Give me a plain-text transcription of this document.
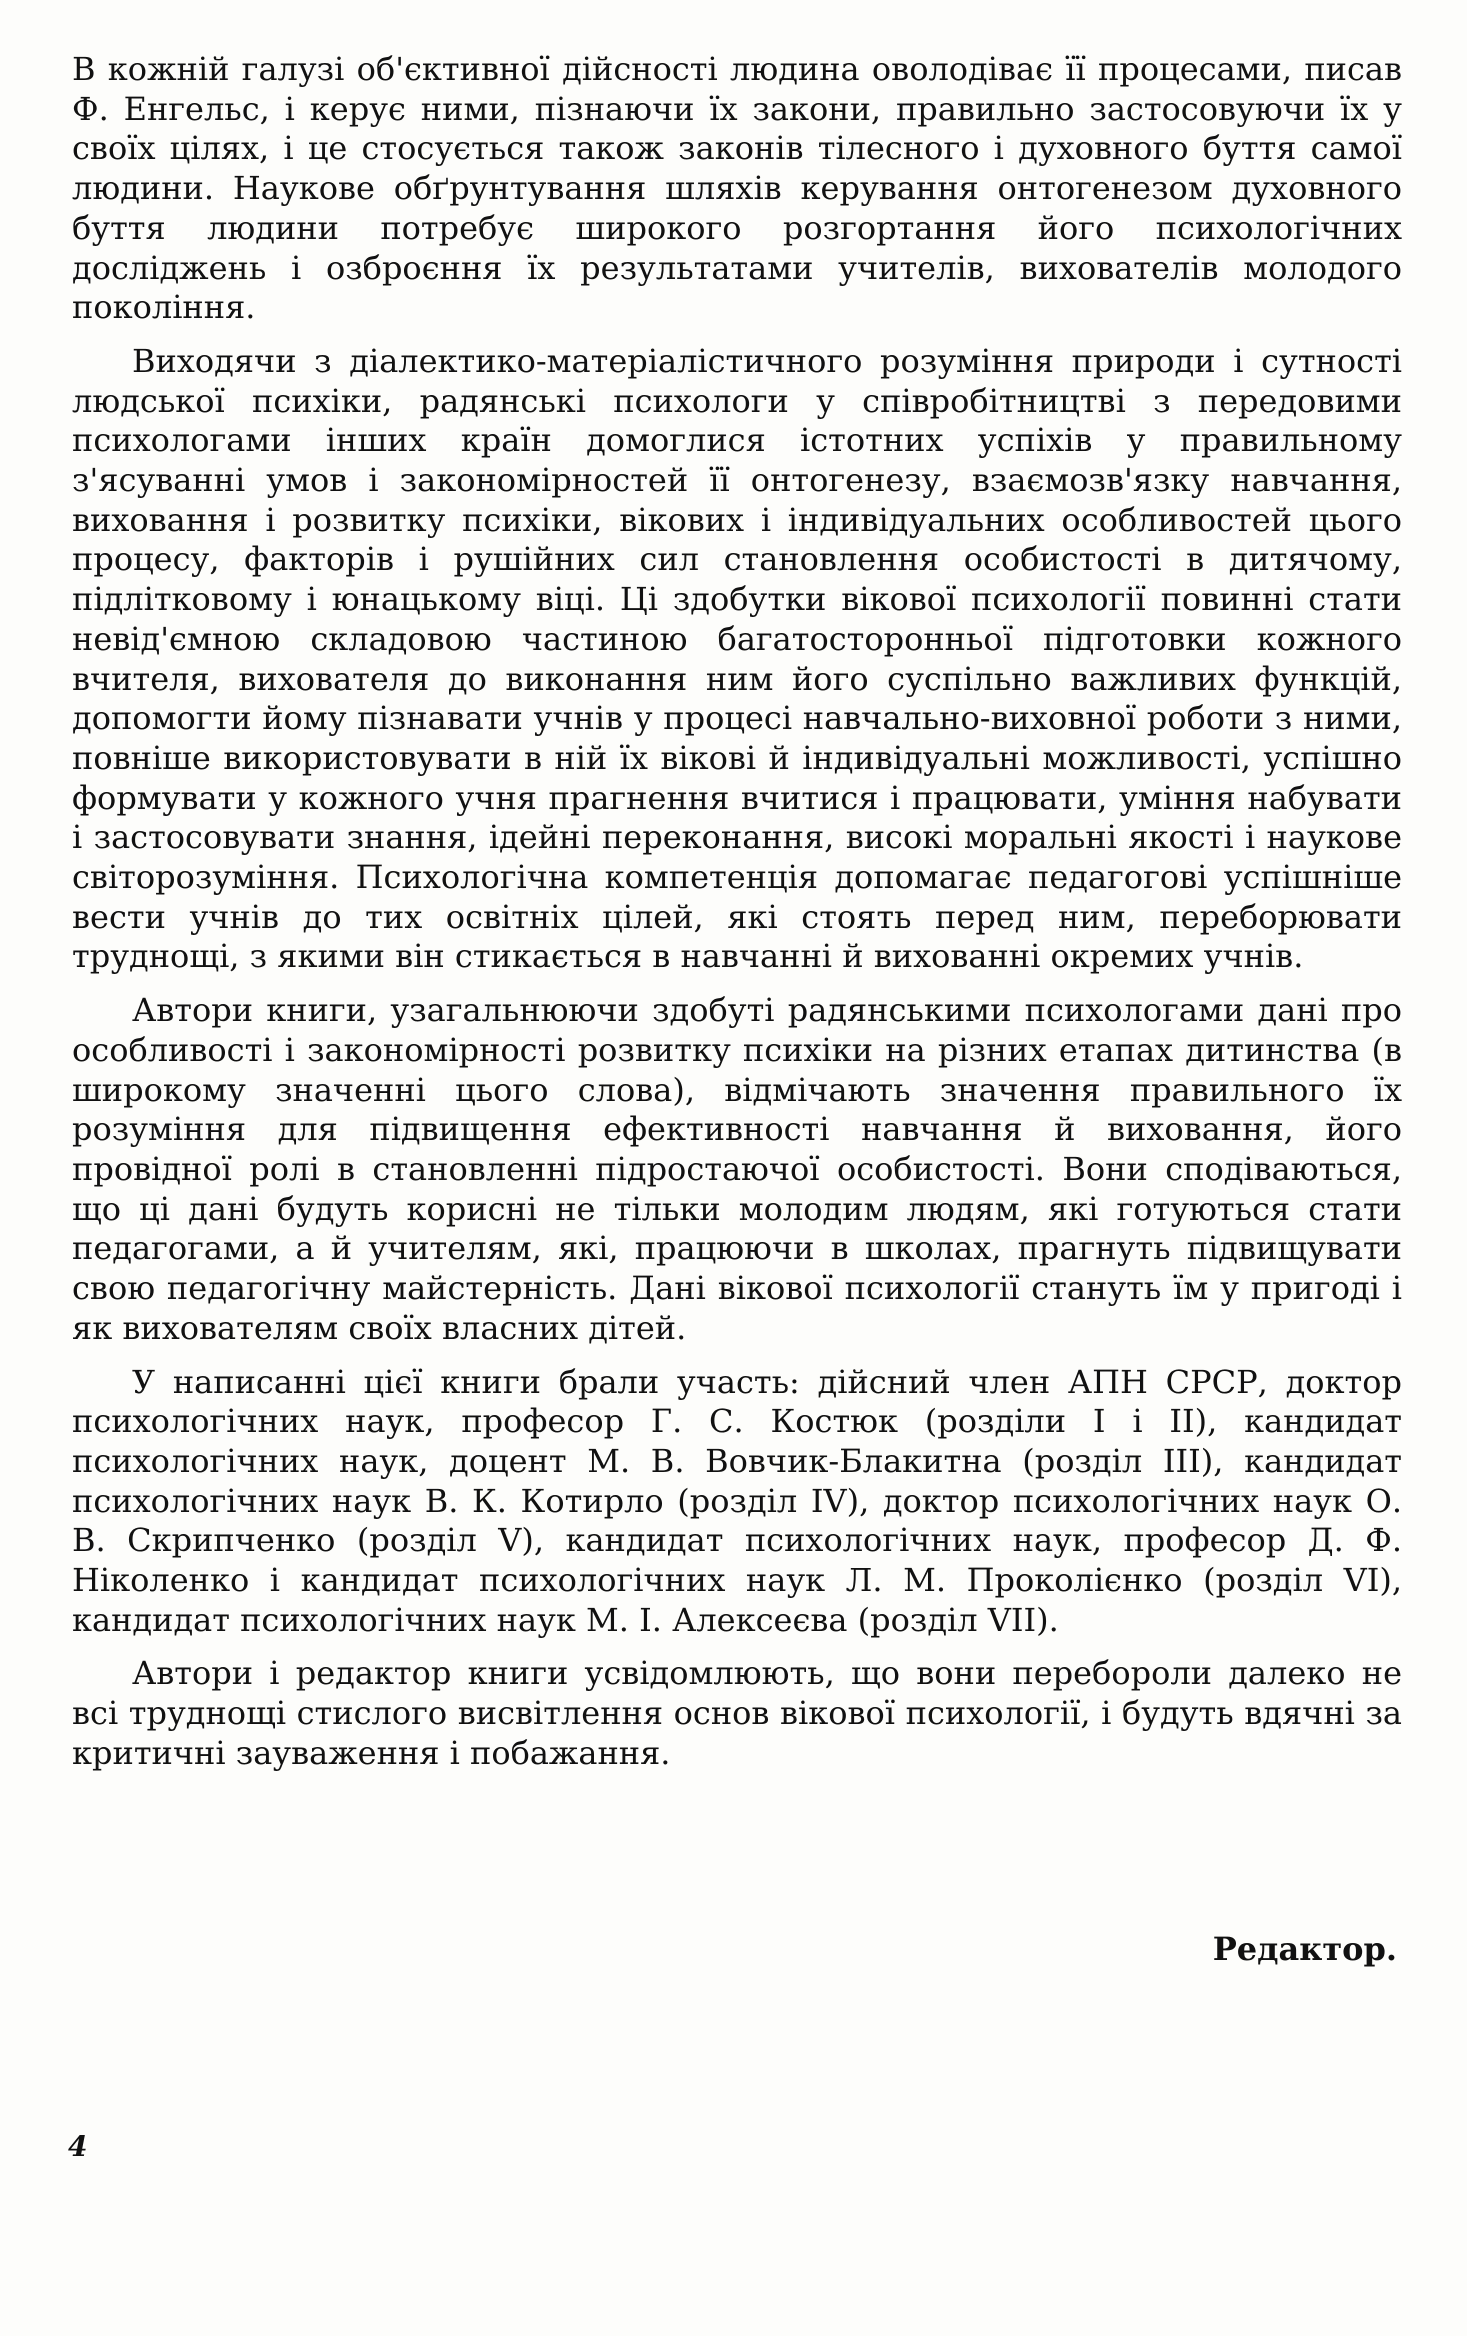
В кожній галузі об'єктивної дійсності людина оволодіває її процесами, писав Ф. Енгельс, і керує ними, пізнаючи їх закони, правильно застосовуючи їх у своїх цілях, і це стосується також законів тілесного і духовного буття самої людини. Наукове обґрунтування шляхів керування онтогенезом духовного буття людини потребує широкого розгортання його психологічних досліджень і озброєння їх результатами учителів, вихователів молодого покоління.

Виходячи з діалектико-матеріалістичного розуміння природи і сутності людської психіки, радянські психологи у співробітництві з передовими психологами інших країн домоглися істотних успіхів у правильному з'ясуванні умов і закономірностей її онтогенезу, взаємозв'язку навчання, виховання і розвитку психіки, вікових і індивідуальних особливостей цього процесу, факторів і рушійних сил становлення особистості в дитячому, підлітковому і юнацькому віці. Ці здобутки вікової психології повинні стати невід'ємною складовою частиною багатосторонньої підготовки кожного вчителя, вихователя до виконання ним його суспільно важливих функцій, допомогти йому пізнавати учнів у процесі навчально-виховної роботи з ними, повніше використовувати в ній їх вікові й індивідуальні можливості, успішно формувати у кожного учня прагнення вчитися і працювати, уміння набувати і застосовувати знання, ідейні переконання, високі моральні якості і наукове світорозуміння. Психологічна компетенція допомагає педагогові успішніше вести учнів до тих освітніх цілей, які стоять перед ним, переборювати труднощі, з якими він стикається в навчанні й вихованні окремих учнів.

Автори книги, узагальнюючи здобуті радянськими психологами дані про особливості і закономірності розвитку психіки на різних етапах дитинства (в широкому значенні цього слова), відмічають значення правильного їх розуміння для підвищення ефективності навчання й виховання, його провідної ролі в становленні підростаючої особистості. Вони сподіваються, що ці дані будуть корисні не тільки молодим людям, які готуються стати педагогами, а й учителям, які, працюючи в школах, прагнуть підвищувати свою педагогічну майстерність. Дані вікової психології стануть їм у пригоді і як вихователям своїх власних дітей.

У написанні цієї книги брали участь: дійсний член АПН СРСР, доктор психологічних наук, професор Г. С. Костюк (розділи I і II), кандидат психологічних наук, доцент М. В. Вовчик-Блакитна (розділ III), кандидат психологічних наук В. К. Котирло (розділ IV), доктор психологічних наук О. В. Скрипченко (розділ V), кандидат психологічних наук, професор Д. Ф. Ніколенко і кандидат психологічних наук Л. М. Проколієнко (розділ VI), кандидат психологічних наук М. І. Алексеєва (розділ VII).

Автори і редактор книги усвідомлюють, що вони перебороли далеко не всі труднощі стислого висвітлення основ вікової психології, і будуть вдячні за критичні зауваження і побажання.

Редактор.
4
